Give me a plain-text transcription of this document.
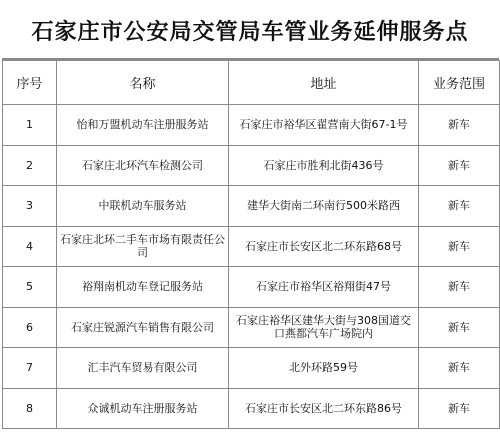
石家庄市公安局交管局车管业务延伸服务点
序号	名称	地址	业务范围
1	怡和万盟机动车注册服务站	石家庄市裕华区翟营南大街67-1号	新车
2	石家庄北环汽车检测公司	石家庄市胜利北街436号	新车
3	中联机动车服务站	建华大街南二环南行500米路西	新车
4	石家庄北环二手车市场有限责任公司	石家庄市长安区北二环东路68号	新车
5	裕翔南机动车登记服务站	石家庄市裕华区裕翔街47号	新车
6	石家庄锐源汽车销售有限公司	石家庄裕华区建华大街与308国道交口燕都汽车广场院内	新车
7	汇丰汽车贸易有限公司	北外环路59号	新车
8	众诚机动车注册服务站	石家庄市长安区北二环东路86号	新车
